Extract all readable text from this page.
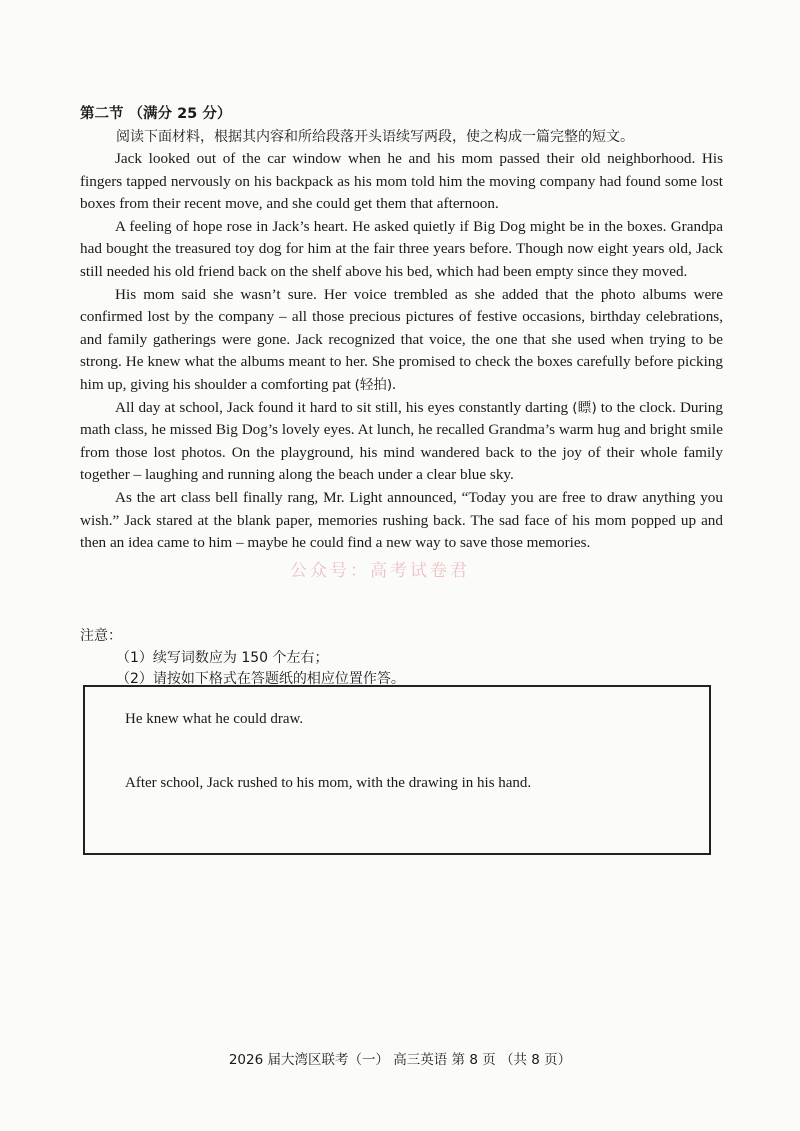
第二节 （满分 25 分）
阅读下面材料，根据其内容和所给段落开头语续写两段，使之构成一篇完整的短文。

Jack looked out of the car window when he and his mom passed their old neighborhood. His fingers tapped nervously on his backpack as his mom told him the moving company had found some lost boxes from their recent move, and she could get them that afternoon.

A feeling of hope rose in Jack’s heart. He asked quietly if Big Dog might be in the boxes. Grandpa had bought the treasured toy dog for him at the fair three years before. Though now eight years old, Jack still needed his old friend back on the shelf above his bed, which had been empty since they moved.

His mom said she wasn’t sure. Her voice trembled as she added that the photo albums were confirmed lost by the company – all those precious pictures of festive occasions, birthday celebrations, and family gatherings were gone. Jack recognized that voice, the one that she used when trying to be strong. He knew what the albums meant to her. She promised to check the boxes carefully before picking him up, giving his shoulder a comforting pat (轻拍).

All day at school, Jack found it hard to sit still, his eyes constantly darting (瞟) to the clock. During math class, he missed Big Dog’s lovely eyes. At lunch, he recalled Grandma’s warm hug and bright smile from those lost photos. On the playground, his mind wandered back to the joy of their whole family together – laughing and running along the beach under a clear blue sky.

As the art class bell finally rang, Mr. Light announced, “Today you are free to draw anything you wish.” Jack stared at the blank paper, memories rushing back. The sad face of his mom popped up and then an idea came to him – maybe he could find a new way to save those memories.

公众号：高考试卷君
注意：
（1）续写词数应为 150 个左右；
（2）请按如下格式在答题纸的相应位置作答。
He knew what he could draw.
After school, Jack rushed to his mom, with the drawing in his hand.
2026 届大湾区联考（一） 高三英语 第 8 页 （共 8 页）
